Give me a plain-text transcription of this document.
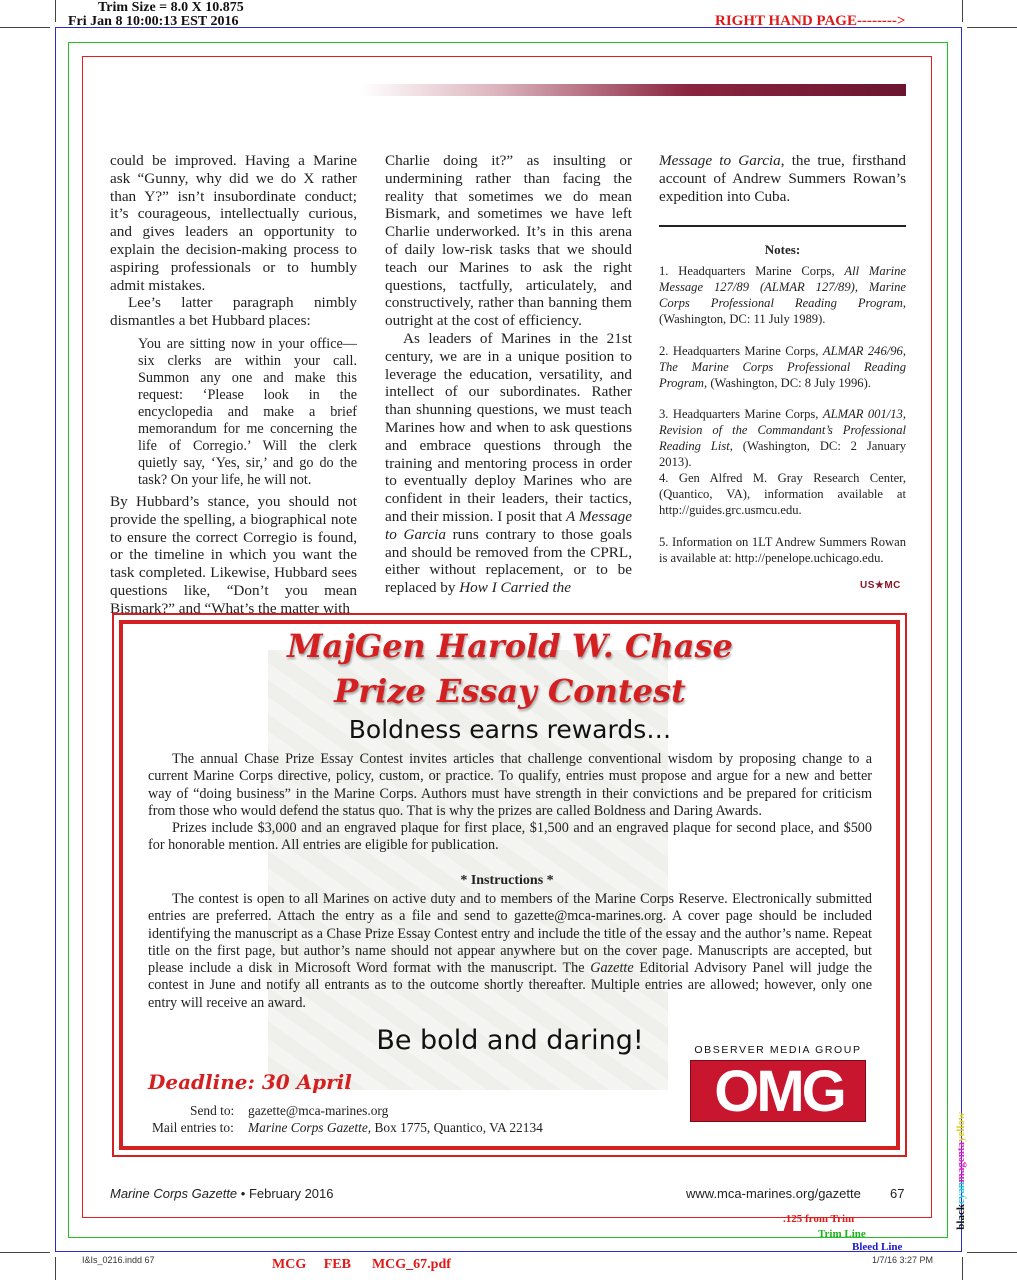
Trim Size = 8.0 X 10.875
Fri Jan 8 10:00:13 EST 2016	RIGHT HAND PAGE-------->

could be improved. Having a Marine ask “Gunny, why did we do X rather than Y?” isn’t insubordinate conduct; it’s courageous, intellectually curious, and gives leaders an opportunity to explain the decision-making process to aspiring professionals or to humbly admit mistakes.

Lee’s latter paragraph nimbly dismantles a bet Hubbard places:

You are sitting now in your office—six clerks are within your call. Summon any one and make this request: ‘Please look in the encyclopedia and make a brief memorandum for me concerning the life of Corregio.’ Will the clerk quietly say, ‘Yes, sir,’ and go do the task? On your life, he will not.

By Hubbard’s stance, you should not provide the spelling, a biographical note to ensure the correct Corregio is found, or the timeline in which you want the task completed. Likewise, Hubbard sees questions like, “Don’t you mean Bismark?” and “What’s the matter with

Charlie doing it?” as insulting or undermining rather than facing the reality that sometimes we do mean Bismark, and sometimes we have left Charlie underworked. It’s in this arena of daily low-risk tasks that we should teach our Marines to ask the right questions, tactfully, articulately, and constructively, rather than banning them outright at the cost of efficiency.

As leaders of Marines in the 21st century, we are in a unique position to leverage the education, versatility, and intellect of our subordinates. Rather than shunning questions, we must teach Marines how and when to ask questions and embrace questions through the training and mentoring process in order to eventually deploy Marines who are confident in their leaders, their tactics, and their mission. I posit that A Message to Garcia runs contrary to those goals and should be removed from the CPRL, either without replacement, or to be replaced by How I Carried the

Message to Garcia, the true, firsthand account of Andrew Summers Rowan’s expedition into Cuba.

Notes:
1. Headquarters Marine Corps, All Marine Message 127/89 (ALMAR 127/89), Marine Corps Professional Reading Program, (Washington, DC: 11 July 1989).
2. Headquarters Marine Corps, ALMAR 246/96, The Marine Corps Professional Reading Program, (Washington, DC: 8 July 1996).
3. Headquarters Marine Corps, ALMAR 001/13, Revision of the Commandant’s Professional Reading List, (Washington, DC: 2 January 2013).
4. Gen Alfred M. Gray Research Center, (Quantico, VA), information available at http://guides.grc.usmcu.edu.
5. Information on 1LT Andrew Summers Rowan is available at: http://penelope.uchicago.edu.
US★MC
MajGen Harold W. Chase
Prize Essay Contest
Boldness earns rewards…

The annual Chase Prize Essay Contest invites articles that challenge conventional wisdom by proposing change to a current Marine Corps directive, policy, custom, or practice. To qualify, entries must propose and argue for a new and better way of “doing business” in the Marine Corps. Authors must have strength in their convictions and be prepared for criticism from those who would defend the status quo. That is why the prizes are called Boldness and Daring Awards.

Prizes include $3,000 and an engraved plaque for first place, $1,500 and an engraved plaque for second place, and $500 for honorable mention. All entries are eligible for publication.

* Instructions *

The contest is open to all Marines on active duty and to members of the Marine Corps Reserve. Electronically submitted entries are preferred. Attach the entry as a file and send to gazette@mca-marines.org. A cover page should be included identifying the manuscript as a Chase Prize Essay Contest entry and include the title of the essay and the author’s name. Repeat title on the first page, but author’s name should not appear anywhere but on the cover page. Manuscripts are accepted, but please include a disk in Microsoft Word format with the manuscript. The Gazette Editorial Advisory Panel will judge the contest in June and notify all entrants as to the outcome shortly thereafter. Multiple entries are allowed; however, only one entry will receive an award.

Be bold and daring!
Deadline: 30 April
Send to: gazette@mca-marines.org
Mail entries to: Marine Corps Gazette, Box 1775, Quantico, VA 22134
OBSERVER MEDIA GROUP
OMG
Marine Corps Gazette • February 2016	www.mca-marines.org/gazette 67
.125 from Trim
Trim Line
Bleed Line
I&Is_0216.indd 67	1/7/16 3:27 PM
MCG     FEB      MCG_67.pdf
black
cyan
magenta
yellow
